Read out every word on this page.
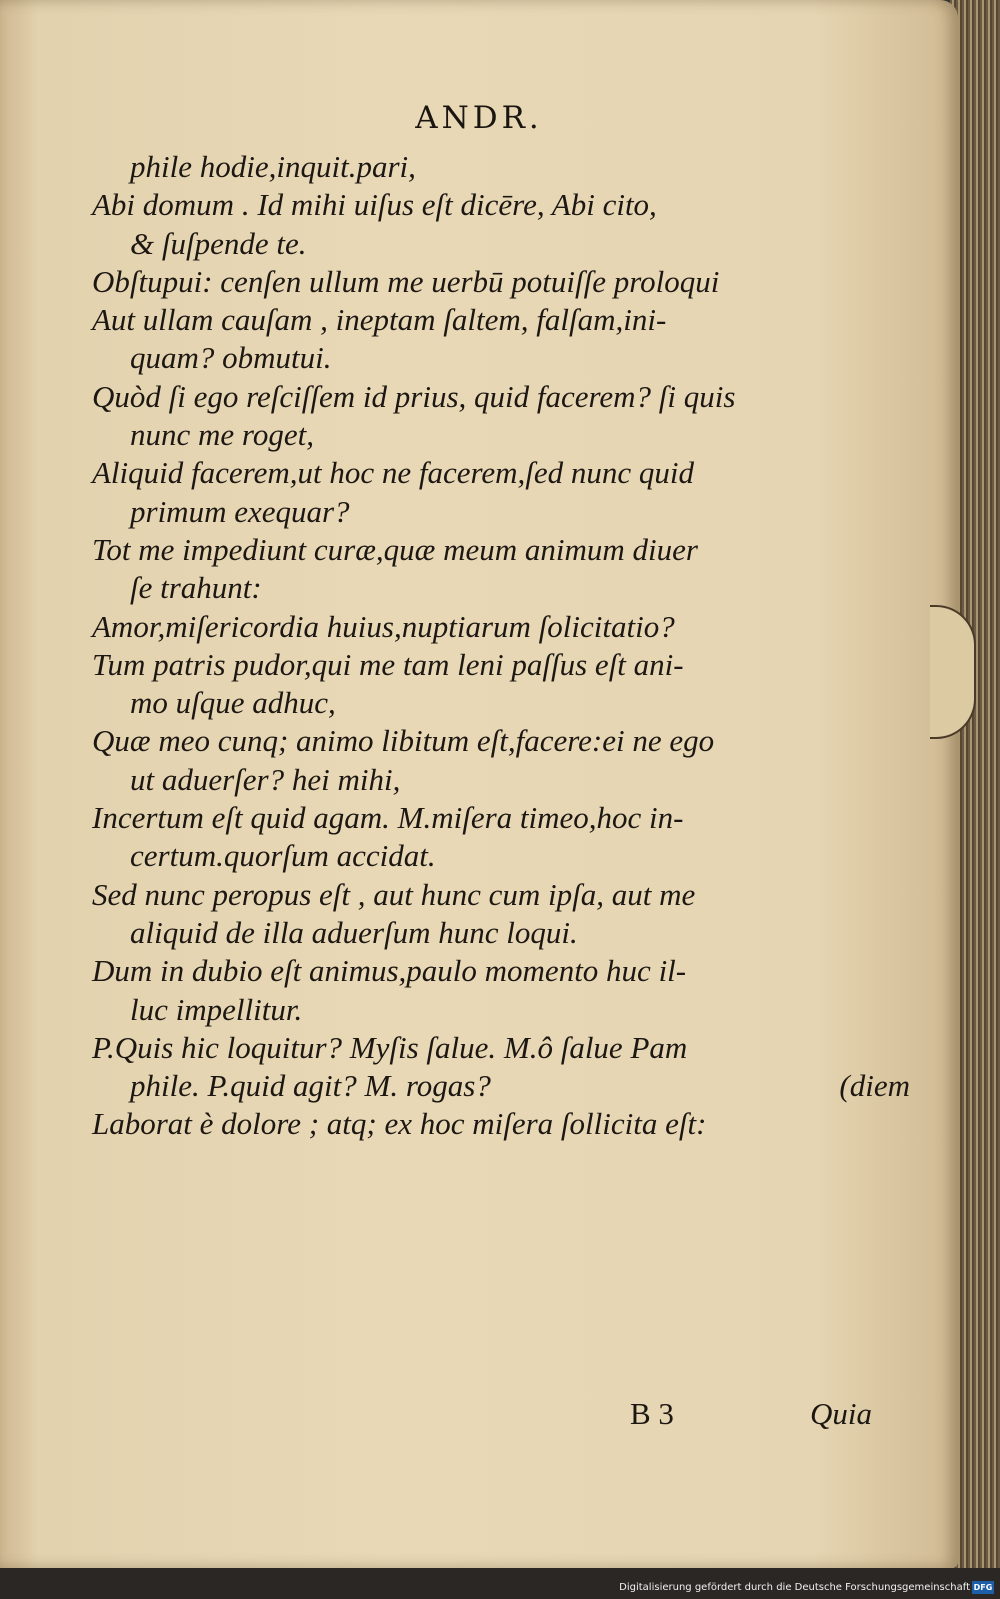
ANDR.
phile hodie,inquit.pari,
Abi domum . Id mihi uiſus eſt dicēre, Abi cito,
& ſuſpende te.
Obſtupui: cenſen ullum me uerbū potuiſſe proloqui
Aut ullam cauſam , ineptam ſaltem, falſam,ini-
quam? obmutui.
Quòd ſi ego reſciſſem id prius, quid facerem? ſi quis
nunc me roget,
Aliquid facerem,ut hoc ne facerem,ſed nunc quid
primum exequar?
Tot me impediunt curæ,quæ meum animum diuer
ſe trahunt:
Amor,miſericordia huius,nuptiarum ſolicitatio?
Tum patris pudor,qui me tam leni paſſus eſt ani-
mo uſque adhuc,
Quæ meo cunq; animo libitum eſt,facere:ei ne ego
ut aduerſer? hei mihi,
Incertum eſt quid agam. M.miſera timeo,hoc in-
certum.quorſum accidat.
Sed nunc peropus eſt , aut hunc cum ipſa, aut me
aliquid de illa aduerſum hunc loqui.
Dum in dubio eſt animus,paulo momento huc il-
luc impellitur.
P.Quis hic loquitur? Myſis ſalue. M.ô ſalue Pam
phile. P.quid agit? M. rogas?	(diem
Laborat è dolore ; atq; ex hoc miſera ſollicita eſt:
B 3	Quia
Digitalisierung gefördert durch die Deutsche Forschungsgemeinschaft DFG
